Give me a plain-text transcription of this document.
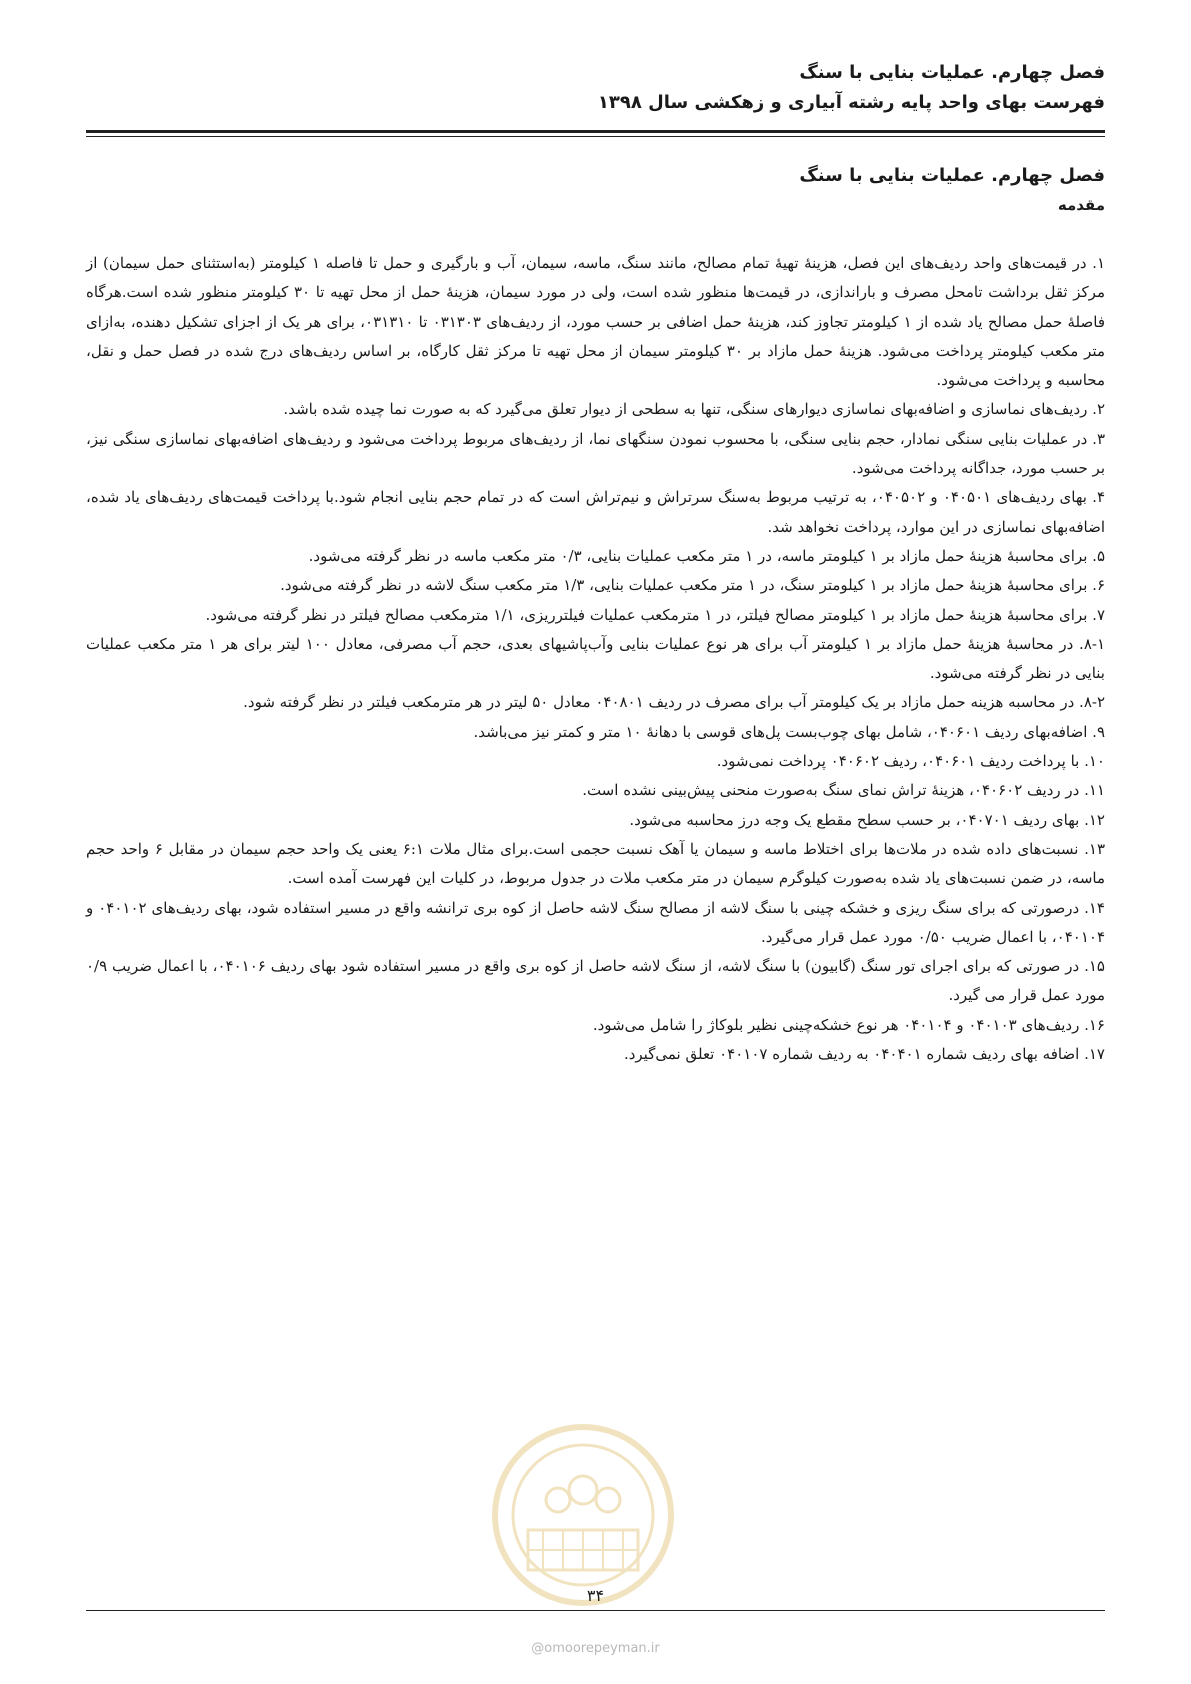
فصل چهارم. عملیات بنایی با سنگ
فهرست بهای واحد پایه رشته آبیاری و زهکشی سال ۱۳۹۸
فصل چهارم. عملیات بنایی با سنگ
مقدمه

۱. در قیمت‌های واحد ردیف‌های این فصل، هزینهٔ تهیهٔ تمام مصالح، مانند سنگ، ماسه، سیمان، آب و بارگیری و حمل تا فاصله ۱ کیلومتر (به‌استثنای حمل سیمان) از مرکز ثقل برداشت تامحل مصرف و باراندازی، در قیمت‌ها منظور شده است، ولی در مورد سیمان، هزینهٔ حمل از محل تهیه تا ۳۰ کیلومتر منظور شده است.هرگاه فاصلهٔ حمل مصالح یاد شده از ۱ کیلومتر تجاوز کند، هزینهٔ حمل اضافی بر حسب مورد، از ردیف‌های ۰۳۱۳۰۳ تا ۰۳۱۳۱۰، برای هر یک از اجزای تشکیل دهنده، به‌ازای متر مکعب کیلومتر پرداخت می‌شود. هزینهٔ حمل مازاد بر ۳۰ کیلومتر سیمان از محل تهیه تا مرکز ثقل کارگاه، بر اساس ردیف‌های درج شده در فصل حمل و نقل، محاسبه و پرداخت می‌شود.

۲. ردیف‌های نماسازی و اضافه‌بهای نماسازی دیوارهای سنگی، تنها به سطحی از دیوار تعلق می‌گیرد که به صورت نما چیده شده باشد.

۳. در عملیات بنایی سنگی نمادار، حجم بنایی سنگی، با محسوب نمودن سنگهای نما، از ردیف‌های مربوط پرداخت می‌شود و ردیف‌های اضافه‌بهای نماسازی سنگی نیز، بر حسب مورد، جداگانه پرداخت می‌شود.

۴. بهای ردیف‌های ۰۴۰۵۰۱ و ۰۴۰۵۰۲، به ترتیب مربوط به‌سنگ سرتراش و نیم‌تراش است که در تمام حجم بنایی انجام شود.با پرداخت قیمت‌های ردیف‌های یاد شده، اضافه‌بهای نماسازی در این موارد، پرداخت نخواهد شد.

۵. برای محاسبهٔ هزینهٔ حمل مازاد بر ۱ کیلومتر ماسه، در ۱ متر مکعب عملیات بنایی، ۰/۳ متر مکعب ماسه در نظر گرفته می‌شود.

۶. برای محاسبهٔ هزینهٔ حمل مازاد بر ۱ کیلومتر سنگ، در ۱ متر مکعب عملیات بنایی، ۱/۳ متر مکعب سنگ لاشه در نظر گرفته می‌شود.

۷. برای محاسبهٔ هزینهٔ حمل مازاد بر ۱ کیلومتر مصالح فیلتر، در ۱ مترمکعب عملیات فیلترریزی، ۱/۱ مترمکعب مصالح فیلتر در نظر گرفته می‌شود.

۸-۱. در محاسبهٔ هزینهٔ حمل مازاد بر ۱ کیلومتر آب برای هر نوع عملیات بنایی وآب‌پاشیهای بعدی، حجم آب مصرفی، معادل ۱۰۰ لیتر برای هر ۱ متر مکعب عملیات بنایی در نظر گرفته می‌شود.

۸-۲. در محاسبه هزینه حمل مازاد بر یک کیلومتر آب برای مصرف در ردیف ۰۴۰۸۰۱ معادل ۵۰ لیتر در هر مترمکعب فیلتر در نظر گرفته شود.

۹. اضافه‌بهای ردیف ۰۴۰۶۰۱، شامل بهای چوب‌بست پل‌های قوسی با دهانهٔ ۱۰ متر و کمتر نیز می‌باشد.

۱۰. با پرداخت ردیف ۰۴۰۶۰۱، ردیف ۰۴۰۶۰۲ پرداخت نمی‌شود.

۱۱. در ردیف ۰۴۰۶۰۲، هزینهٔ تراش نمای سنگ به‌صورت منحنی پیش‌بینی نشده است.

۱۲. بهای ردیف ۰۴۰۷۰۱، بر حسب سطح مقطع یک وجه درز محاسبه می‌شود.

۱۳. نسبت‌های داده شده در ملات‌ها برای اختلاط ماسه و سیمان یا آهک نسبت حجمی است.برای مثال ملات ۶:۱ یعنی یک واحد حجم سیمان در مقابل ۶ واحد حجم ماسه، در ضمن نسبت‌های یاد شده به‌صورت کیلوگرم سیمان در متر مکعب ملات در جدول مربوط، در کلیات این فهرست آمده است.

۱۴. درصورتی که برای سنگ ریزی و خشکه چینی با سنگ لاشه از مصالح سنگ لاشه حاصل از کوه بری ترانشه واقع در مسیر استفاده شود، بهای ردیف‌های ۰۴۰۱۰۲ و ۰۴۰۱۰۴، با اعمال ضریب ۰/۵۰ مورد عمل قرار می‌گیرد.

۱۵. در صورتی که برای اجرای تور سنگ (گابیون) با سنگ لاشه، از سنگ لاشه حاصل از کوه بری واقع در مسیر استفاده شود بهای ردیف ۰۴۰۱۰۶، با اعمال ضریب ۰/۹ مورد عمل قرار می گیرد.

۱۶. ردیف‌های ۰۴۰۱۰۳ و ۰۴۰۱۰۴ هر نوع خشکه‌چینی نظیر بلوکاژ را شامل می‌شود.

۱۷. اضافه بهای ردیف شماره ۰۴۰۴۰۱ به ردیف شماره ۰۴۰۱۰۷ تعلق نمی‌گیرد.

۳۴
@omoorepeyman.ir
